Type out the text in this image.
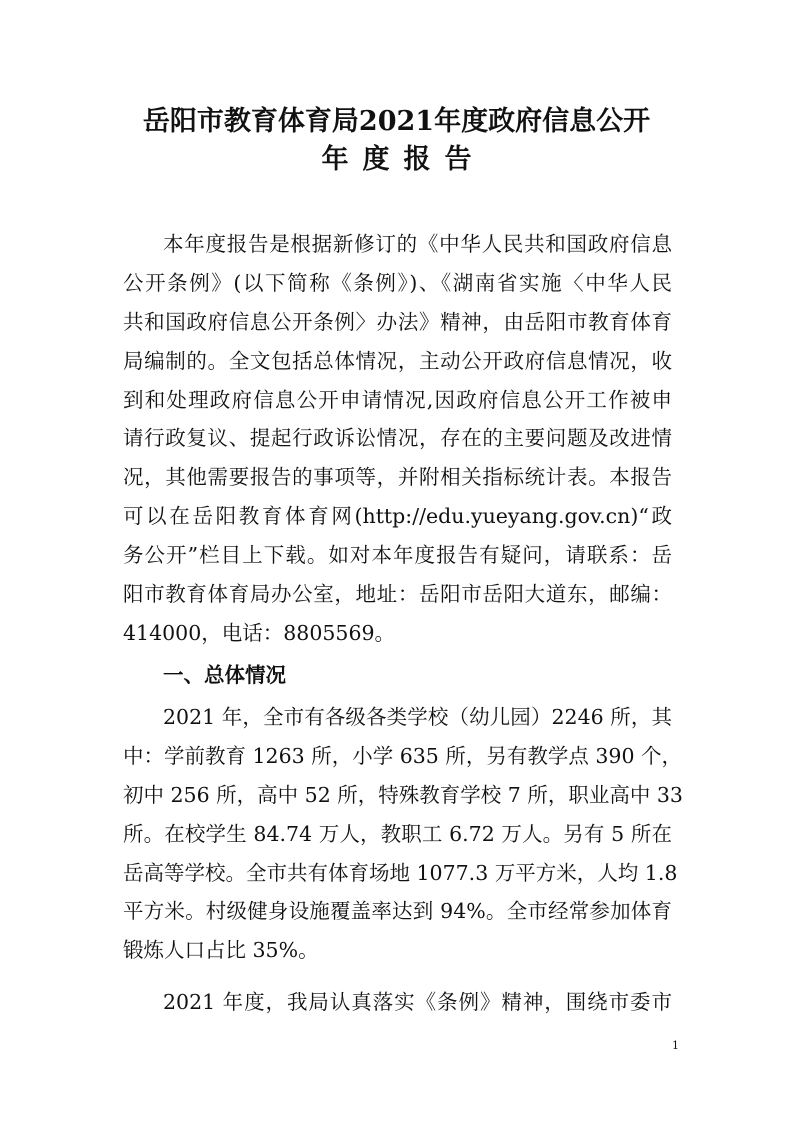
岳阳市教育体育局2021年度政府信息公开
年度报告
本年度报告是根据新修订的《中华人民共和国政府信息
公开条例》(以下简称《条例》)、《湖南省实施〈中华人民
共和国政府信息公开条例〉办法》精神，由岳阳市教育体育
局编制的。全文包括总体情况，主动公开政府信息情况，收
到和处理政府信息公开申请情况,因政府信息公开工作被申
请行政复议、提起行政诉讼情况，存在的主要问题及改进情
况，其他需要报告的事项等，并附相关指标统计表。本报告
可以在岳阳教育体育网(http://edu.yueyang.gov.cn)“政
务公开”栏目上下载。如对本年度报告有疑问，请联系：岳
阳市教育体育局办公室，地址：岳阳市岳阳大道东，邮编：
414000，电话：8805569。
一、总体情况
2021 年，全市有各级各类学校（幼儿园）2246 所，其
中：学前教育 1263 所，小学 635 所，另有教学点 390 个，
初中 256 所，高中 52 所，特殊教育学校 7 所，职业高中 33
所。在校学生 84.74 万人，教职工 6.72 万人。另有 5 所在
岳高等学校。全市共有体育场地 1077.3 万平方米，人均 1.8
平方米。村级健身设施覆盖率达到 94%。全市经常参加体育
锻炼人口占比 35%。
2021 年度，我局认真落实《条例》精神，围绕市委市
1
